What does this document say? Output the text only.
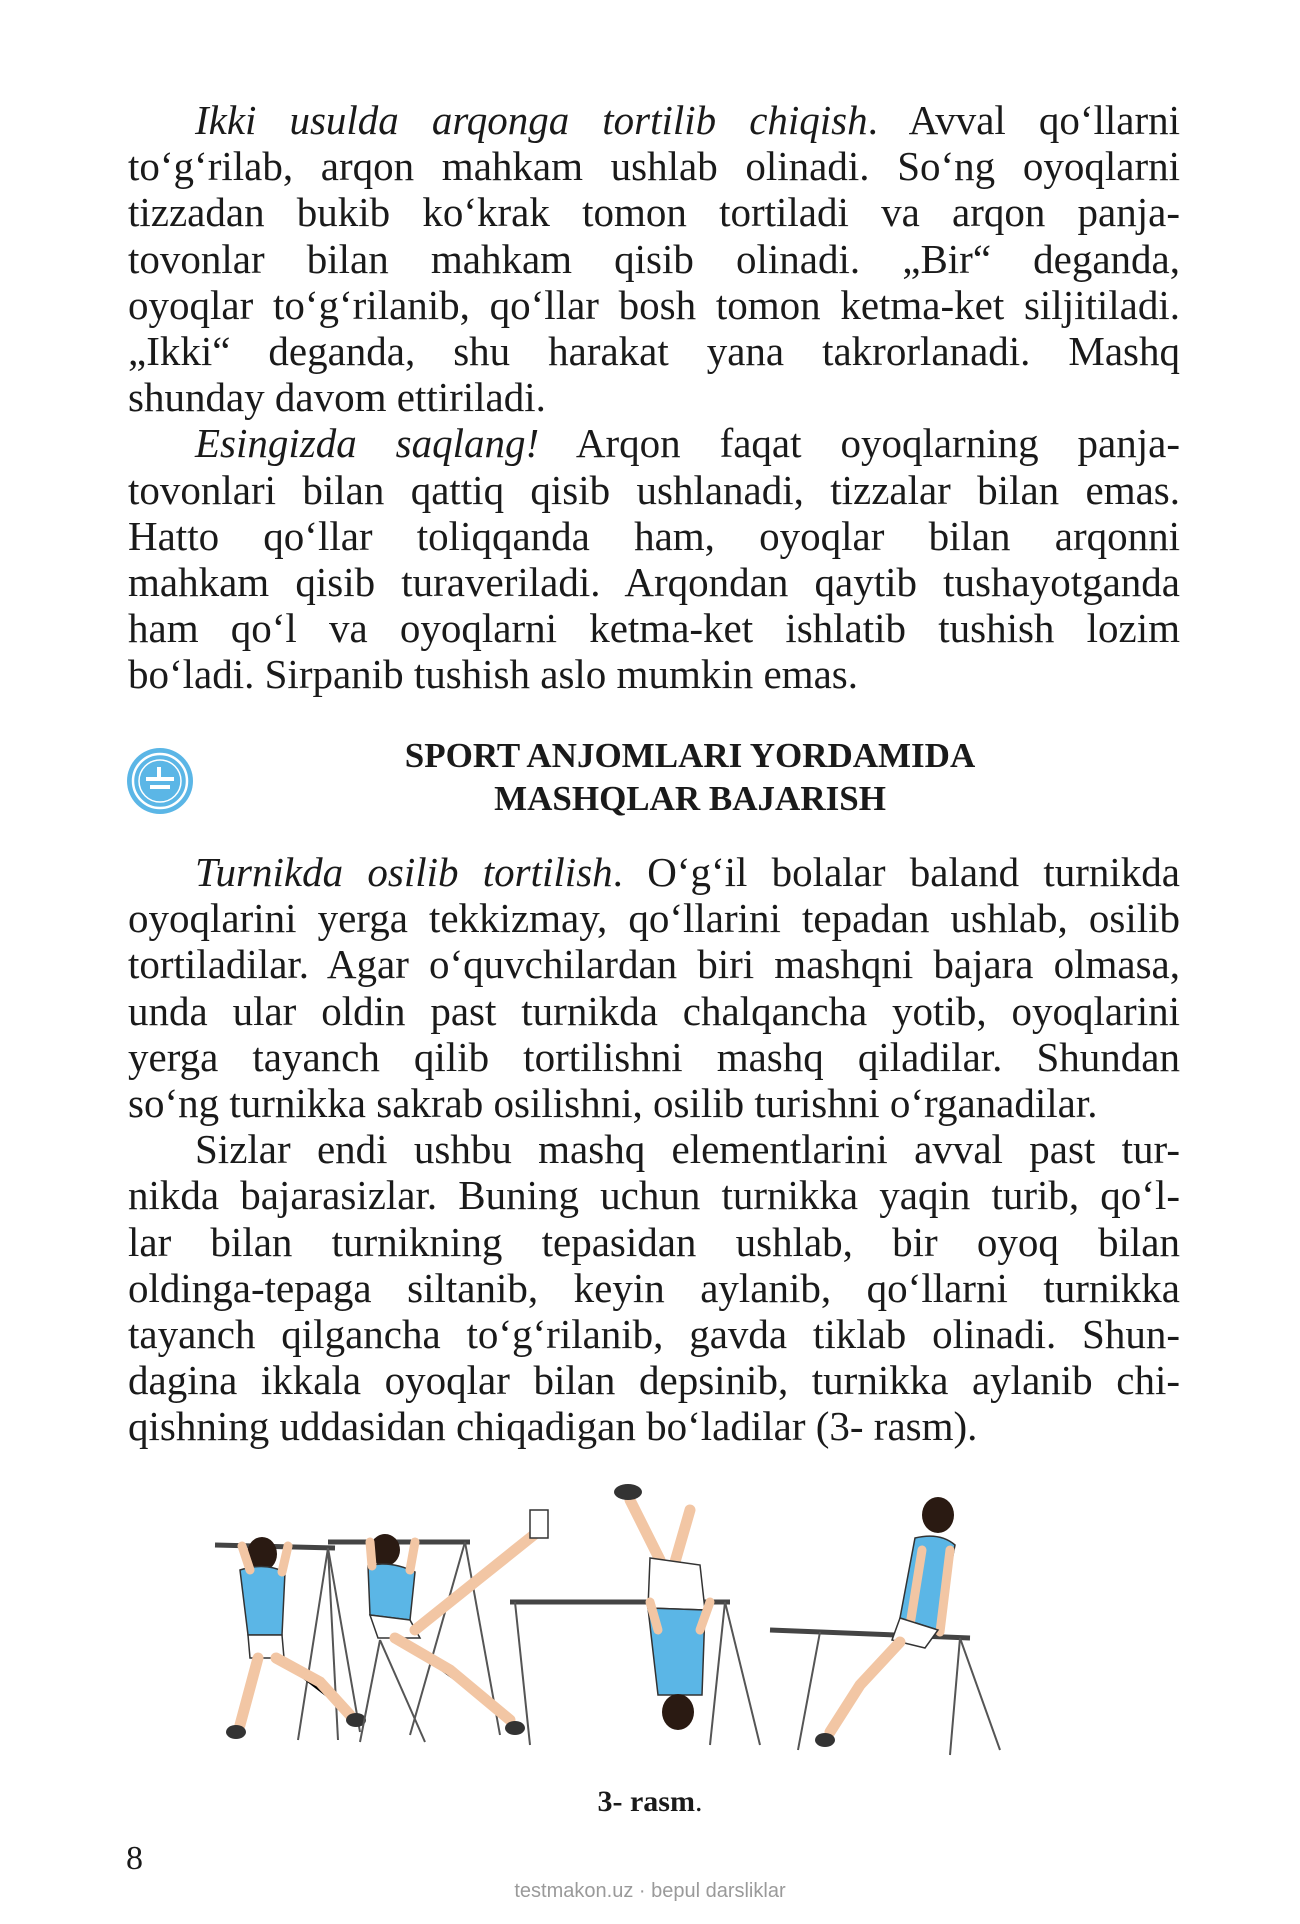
Ikki usulda arqonga tortilib chiqish. Avval qo‘llarni
to‘g‘rilab, arqon mahkam ushlab olinadi. So‘ng oyoqlarni
tizzadan bukib ko‘krak tomon tortiladi va arqon panja-
tovonlar bilan mahkam qisib olinadi. „Bir“ deganda,
oyoqlar to‘g‘rilanib, qo‘llar bosh tomon ketma-ket siljitiladi.
„Ikki“ deganda, shu harakat yana takrorlanadi. Mashq

shunday davom ettiriladi.

Esingizda saqlang! Arqon faqat oyoqlarning panja-
tovonlari bilan qattiq qisib ushlanadi, tizzalar bilan emas.
Hatto qo‘llar toliqqanda ham, oyoqlar bilan arqonni
mahkam qisib turaveriladi. Arqondan qaytib tushayotganda
ham qo‘l va oyoqlarni ketma-ket ishlatib tushish lozim

bo‘ladi. Sirpanib tushish aslo mumkin emas.

SPORT ANJOMLARI YORDAMIDA
MASHQLAR BAJARISH

Turnikda osilib tortilish. O‘g‘il bolalar baland turnikda
oyoqlarini yerga tekkizmay, qo‘llarini tepadan ushlab, osilib
tortiladilar. Agar o‘quvchilardan biri mashqni bajara olmasa,
unda ular oldin past turnikda chalqancha yotib, oyoqlarini
yerga tayanch qilib tortilishni mashq qiladilar. Shundan

so‘ng turnikka sakrab osilishni, osilib turishni o‘rganadilar.

Sizlar endi ushbu mashq elementlarini avval past tur-
nikda bajarasizlar. Buning uchun turnikka yaqin turib, qo‘l-
lar bilan turnikning tepasidan ushlab, bir oyoq bilan
oldinga-tepaga siltanib, keyin aylanib, qo‘llarni turnikka
tayanch qilgancha to‘g‘rilanib, gavda tiklab olinadi. Shun-
dagina ikkala oyoqlar bilan depsinib, turnikka aylanib chi-

qishning uddasidan chiqadigan bo‘ladilar (3- rasm).

3- rasm.
8
testmakon.uz · bepul darsliklar
